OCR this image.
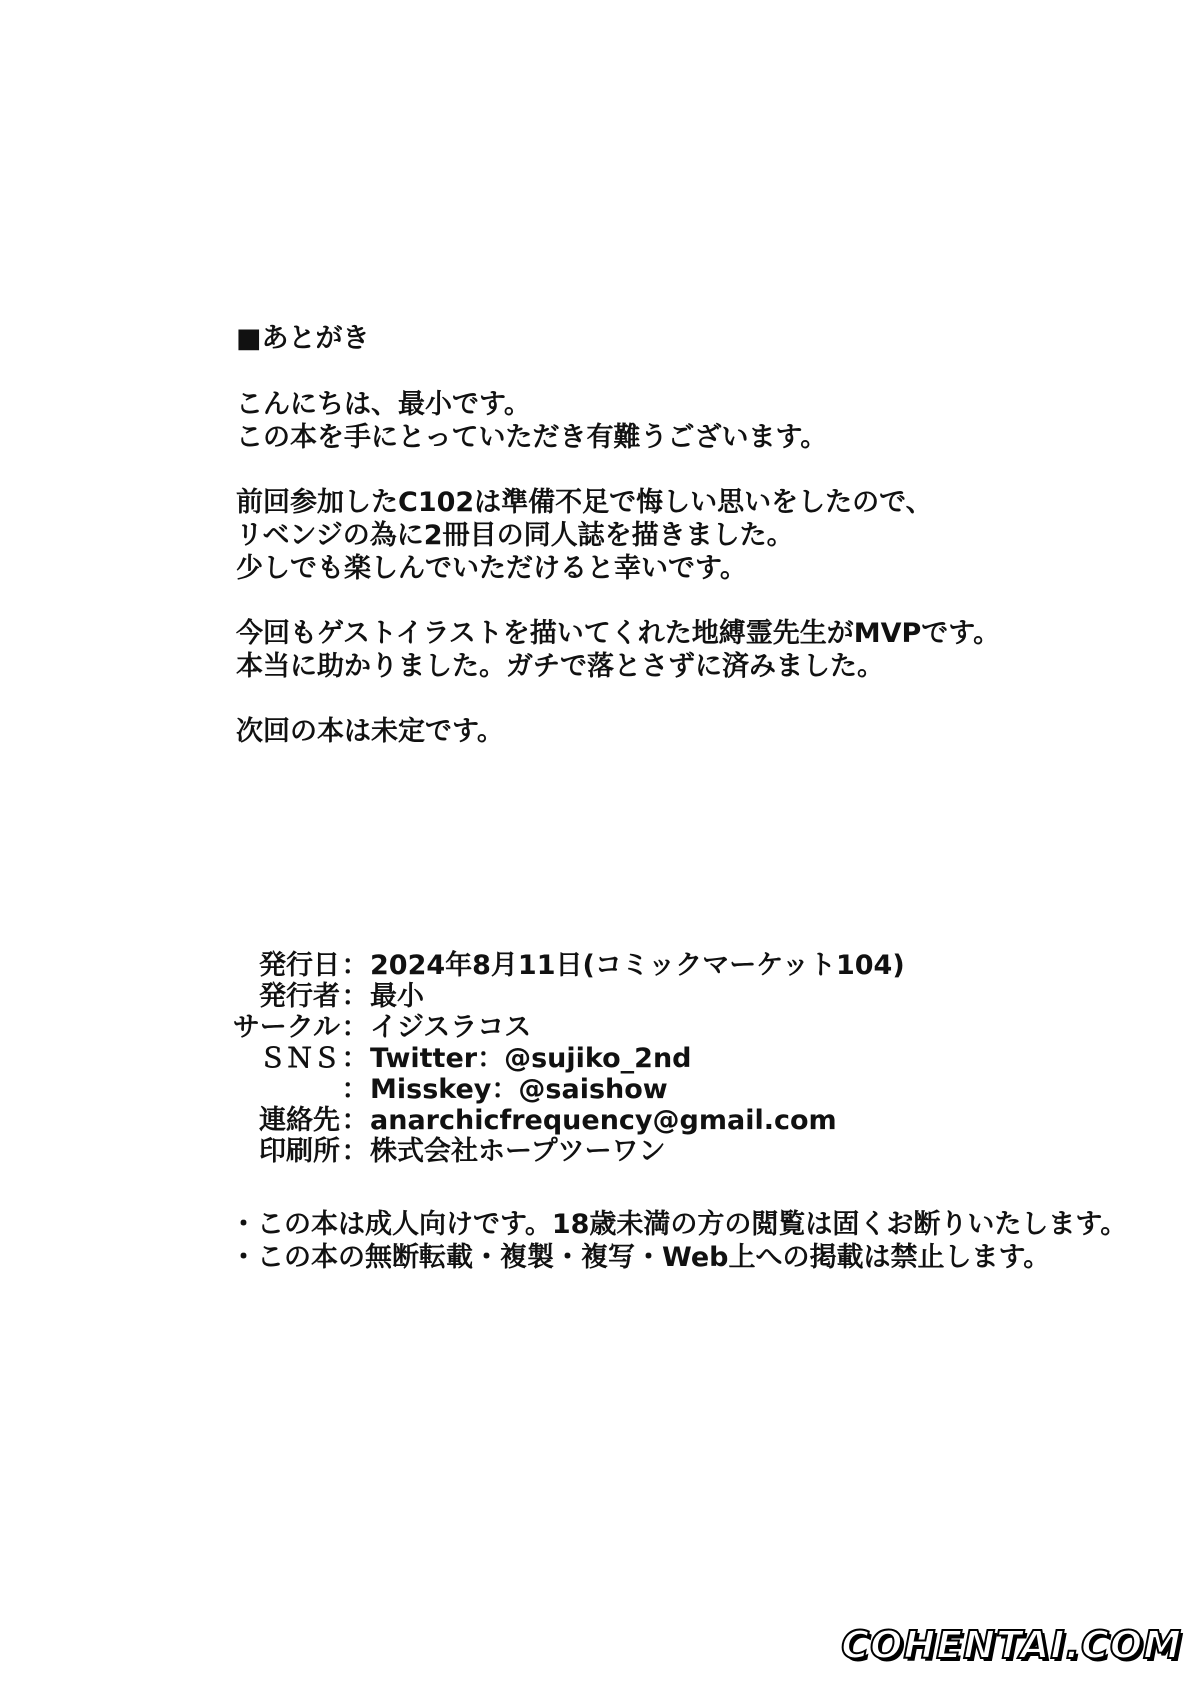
■あとがき
こんにちは、最小です。
この本を手にとっていただき有難うございます。
前回参加したC102は準備不足で悔しい思いをしたので、
リベンジの為に2冊目の同人誌を描きました。
少しでも楽しんでいただけると幸いです。
今回もゲストイラストを描いてくれた地縛霊先生がMVPです。
本当に助かりました。ガチで落とさずに済みました。
次回の本は未定です。
発行日 ： 2024年8月11日(コミックマーケット104)
発行者 ： 最小
サークル ： イジスラコス
ＳＮＳ ： Twitter：@sujiko_2nd
： Misskey：@saishow
連絡先 ： anarchicfrequency@gmail.com
印刷所 ： 株式会社ホープツーワン
・この本は成人向けです。18歳未満の方の閲覧は固くお断りいたします。
・この本の無断転載・複製・複写・Web上への掲載は禁止します。
COHENTAI.COM
